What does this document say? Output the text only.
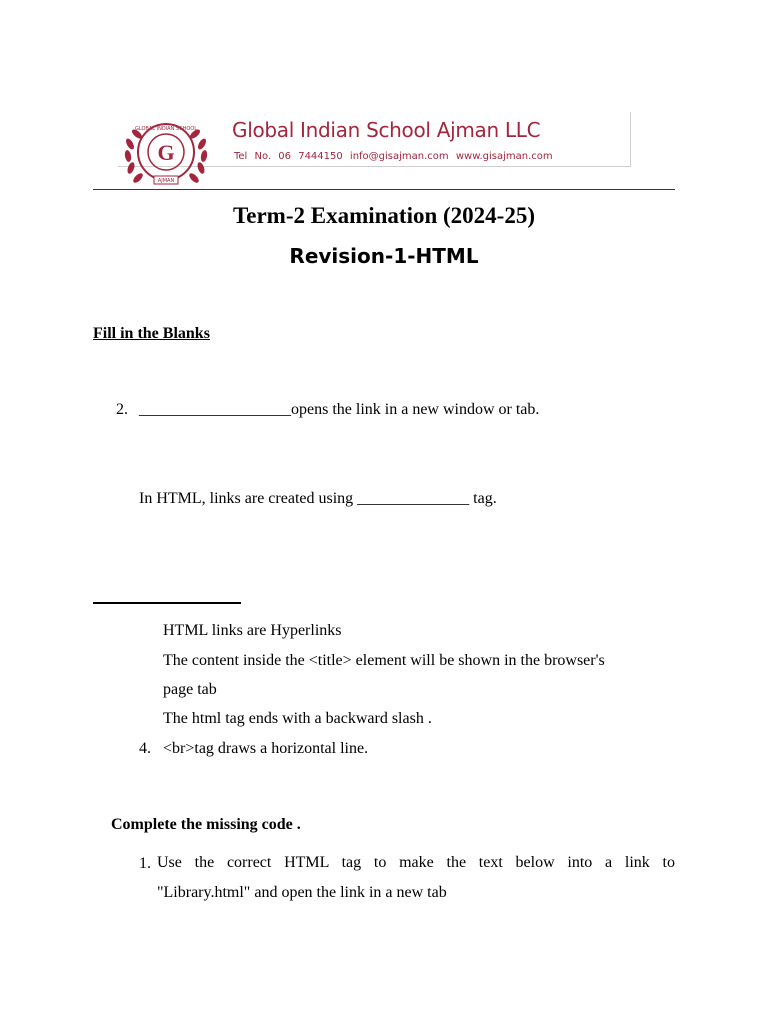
G
GLOBAL INDIAN SCHOOL
AJMAN
Global Indian School Ajman LLC
Tel No. 06 7444150 info@gisajman.com www.gisajman.com
Term-2 Examination (2024-25)
Revision-1-HTML
Fill in the Blanks
2. ___________________opens the link in a new window or tab.
In HTML, links are created using ______________ tag.
HTML links are Hyperlinks
The content inside the <title> element will be shown in the browser's
page tab
The html tag ends with a backward slash .
4. <br>tag draws a horizontal line.
Complete the missing code .
1. Use the correct HTML tag to make the text below into a link to
"Library.html" and open the link in a new tab
